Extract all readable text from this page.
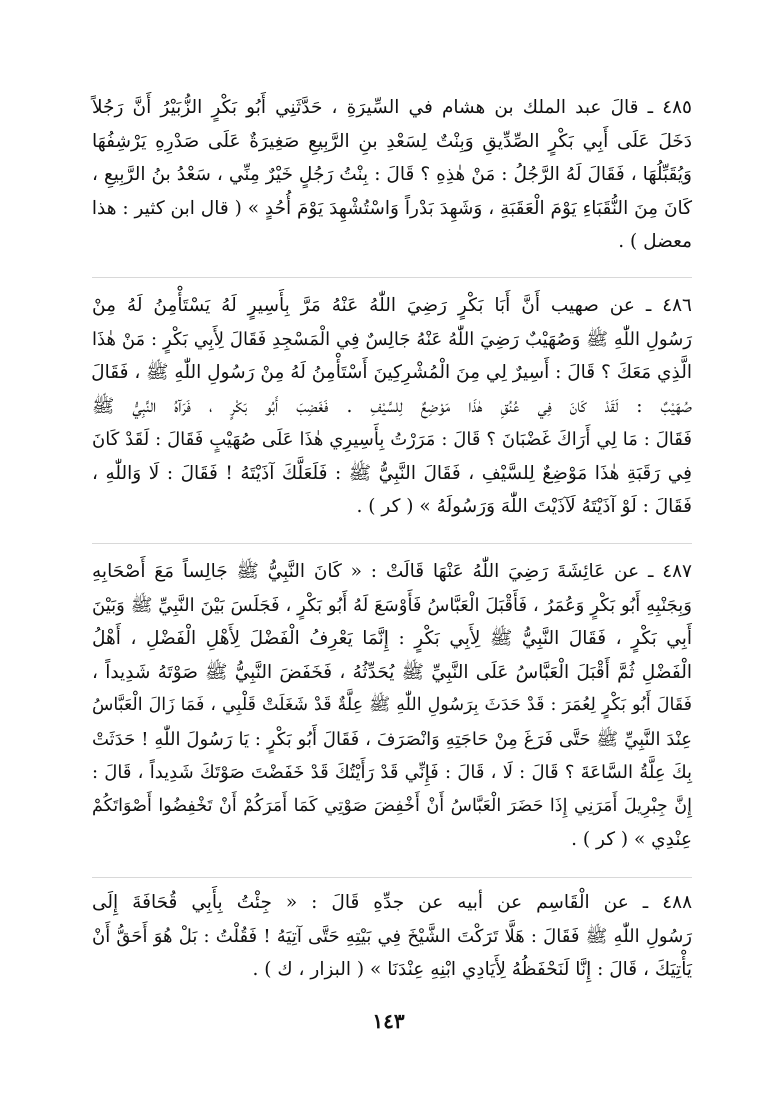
٤٨٥ ـ قالَ عبد الملك بن هشام في السِّيرَةِ ، حَدَّثَنِي أَبُو بَكْرٍ الزُّبَيْرُ أَنَّ رَجُلاً
دَخَلَ عَلَى أَبِي بَكْرٍ الصِّدِّيقِ وَبِنْتٌ لِسَعْدِ بنِ الرَّبِيعِ صَغِيرَةٌ عَلَى صَدْرِهِ يَرْشِفُهَا
وَيُقَبِّلُهَا ، فَقَالَ لَهُ الرَّجُلُ : مَنْ هٰذِهِ ؟ قَالَ : بِنْتُ رَجُلٍ خَيْرٌ مِنِّي ، سَعْدُ بنُ الرَّبِيعِ ،
كَانَ مِنَ النُّقَبَاءِ يَوْمَ الْعَقَبَةِ ، وَشَهِدَ بَدْراً وَاسْتُشْهِدَ يَوْمَ أُحُدٍ » ( قال ابن كثير : هذا
معضل ) .
٤٨٦ ـ عن صهيب أَنَّ أَبَا بَكْرٍ رَضِيَ اللّٰهُ عَنْهُ مَرَّ بِأَسِيرٍ لَهُ يَسْتَأْمِنُ لَهُ مِنْ
رَسُولِ اللّٰهِ ﷺ وَصُهَيْبٌ رَضِيَ اللّٰهُ عَنْهُ جَالِسٌ فِي الْمَسْجِدِ فَقَالَ لِأَبِي بَكْرٍ : مَنْ هٰذَا
الَّذِي مَعَكَ ؟ قَالَ : أَسِيرٌ لِي مِنَ الْمُشْرِكِينَ أَسْتَأْمِنُ لَهُ مِنْ رَسُولِ اللّٰهِ ﷺ ، فَقَالَ
صُهَيْبٌ : لَقَدْ كَانَ فِي عُنُقِ هٰذَا مَوْضِعٌ لِلسَّيْفِ . فَغَضِبَ أَبُو بَكْرٍ ، فَرَآهُ النَّبِيُّ ﷺ
فَقَالَ : مَا لِي أَرَاكَ غَضْبَانَ ؟ قَالَ : مَرَرْتُ بِأَسِيرِي هٰذَا عَلَى صُهَيْبٍ فَقَالَ : لَقَدْ كَانَ
فِي رَقَبَةِ هٰذَا مَوْضِعٌ لِلسَّيْفِ ، فَقَالَ النَّبِيُّ ﷺ : فَلَعَلَّكَ آذَيْتَهُ ! فَقَالَ : لَا وَاللّٰهِ ،
فَقَالَ : لَوْ آذَيْتَهُ لَآذَيْتَ اللّٰهَ وَرَسُولَهُ » ( كر ) .
٤٨٧ ـ عن عَائِشَةَ رَضِيَ اللّٰهُ عَنْهَا قَالَتْ : « كَانَ النَّبِيُّ ﷺ جَالِساً مَعَ أَصْحَابِهِ
وَبِجَنْبِهِ أَبُو بَكْرٍ وَعُمَرُ ، فَأَقْبَلَ الْعَبَّاسُ فَأَوْسَعَ لَهُ أَبُو بَكْرٍ ، فَجَلَسَ بَيْنَ النَّبِيِّ ﷺ وَبَيْنَ
أَبِي بَكْرٍ ، فَقَالَ النَّبِيُّ ﷺ لِأَبِي بَكْرٍ : إِنَّمَا يَعْرِفُ الْفَضْلَ لِأَهْلِ الْفَضْلِ ، أَهْلُ
الْفَضْلِ ثُمَّ أَقْبَلَ الْعَبَّاسُ عَلَى النَّبِيِّ ﷺ يُحَدِّثُهُ ، فَخَفَضَ النَّبِيُّ ﷺ صَوْتَهُ شَدِيداً ،
فَقَالَ أَبُو بَكْرٍ لِعُمَرَ : قَدْ حَدَثَ بِرَسُولِ اللّٰهِ ﷺ عِلَّةٌ قَدْ شَغَلَتْ قَلْبِي ، فَمَا زَالَ الْعَبَّاسُ
عِنْدَ النَّبِيِّ ﷺ حَتَّى فَرَغَ مِنْ حَاجَتِهِ وَانْصَرَفَ ، فَقَالَ أَبُو بَكْرٍ : يَا رَسُولَ اللّٰهِ ! حَدَثَتْ
بِكَ عِلَّةُ السَّاعَةَ ؟ قَالَ : لَا ، قَالَ : فَإِنِّي قَدْ رَأَيْتُكَ قَدْ خَفَضْتَ صَوْتَكَ شَدِيداً ، قَالَ :
إِنَّ جِبْرِيلَ أَمَرَنِي إِذَا حَضَرَ الْعَبَّاسُ أَنْ أَخْفِضَ صَوْتِي كَمَا أَمَرَكُمْ أَنْ تَخْفِضُوا أَصْوَاتَكُمْ
عِنْدِي » ( كر ) .
٤٨٨ ـ عن الْقَاسِم عن أبيه عن جدِّهِ قَالَ : « جِئْتُ بِأَبِي قُحَافَةَ إِلَى
رَسُولِ اللّٰهِ ﷺ فَقَالَ : هَلَّا تَرَكْتَ الشَّيْخَ فِي بَيْتِهِ حَتَّى آتِيَهُ ! فَقُلْتُ : بَلْ هُوَ أَحَقُّ أَنْ
يَأْتِيَكَ ، قَالَ : إِنَّا لَنَحْفَظُهُ لِأَيَادِي ابْنِهِ عِنْدَنَا » ( البزار ، ك ) .
١٤٣
